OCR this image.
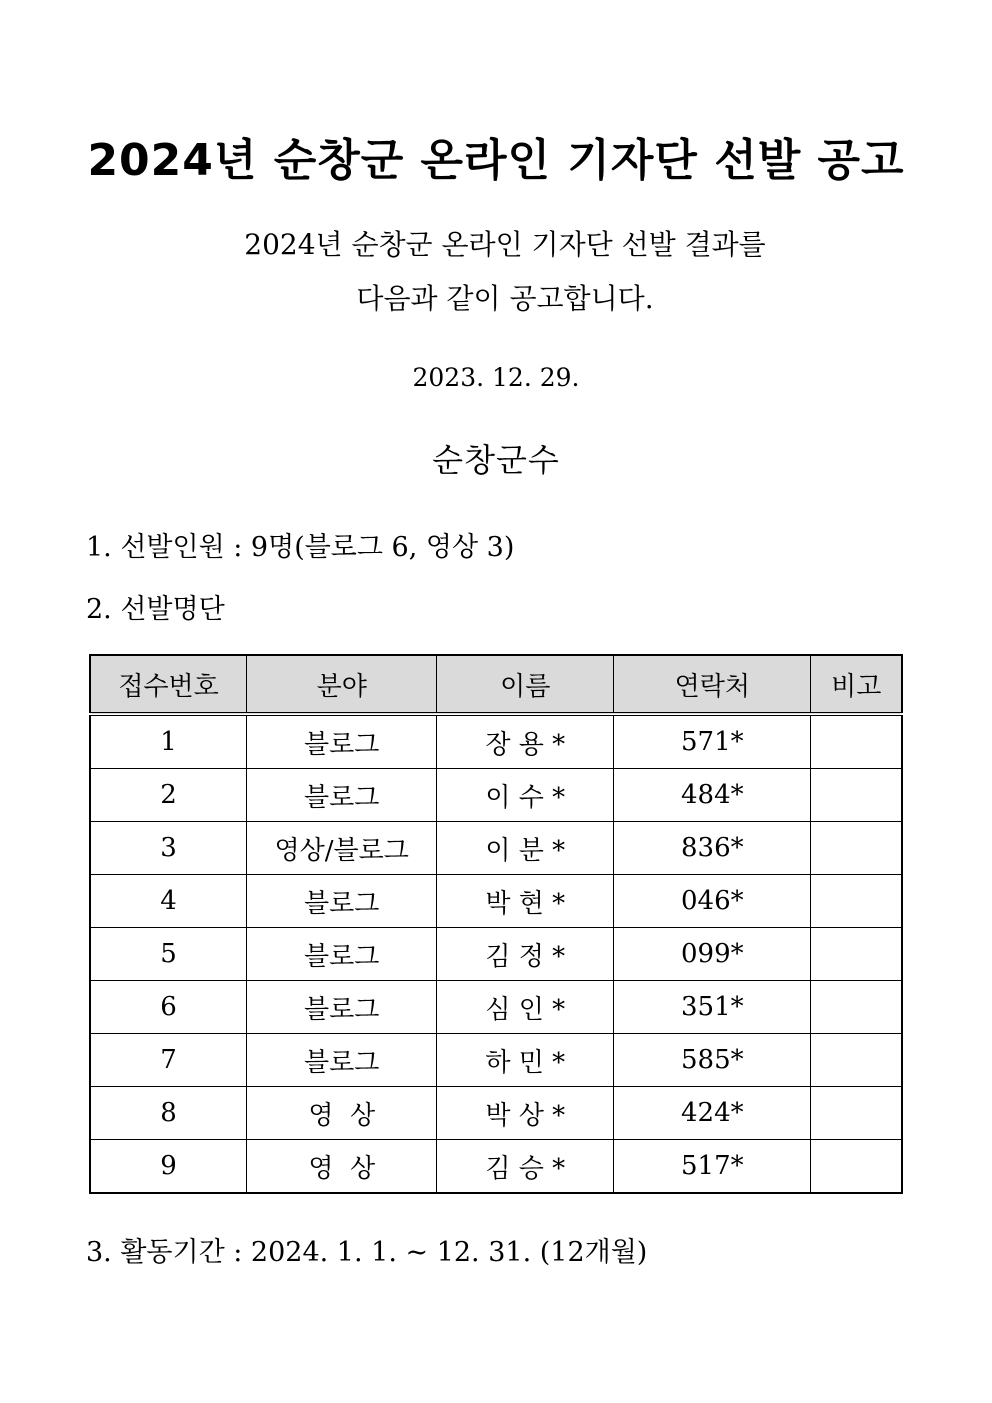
2024년 순창군 온라인 기자단 선발 공고
2024년 순창군 온라인 기자단 선발 결과를
다음과 같이 공고합니다.
2023. 12. 29.
순창군수
1. 선발인원 : 9명(블로그 6, 영상 3)
2. 선발명단
접수번호	분야	이름	연락처	비고
1	블로그	장 용 *	571*	
2	블로그	이 수 *	484*	
3	영상/블로그	이 분 *	836*	
4	블로그	박 현 *	046*	
5	블로그	김 정 *	099*	
6	블로그	심 인 *	351*	
7	블로그	하 민 *	585*	
8	영  상	박 상 *	424*	
9	영  상	김 승 *	517*	
3. 활동기간 : 2024. 1. 1. ~ 12. 31. (12개월)
